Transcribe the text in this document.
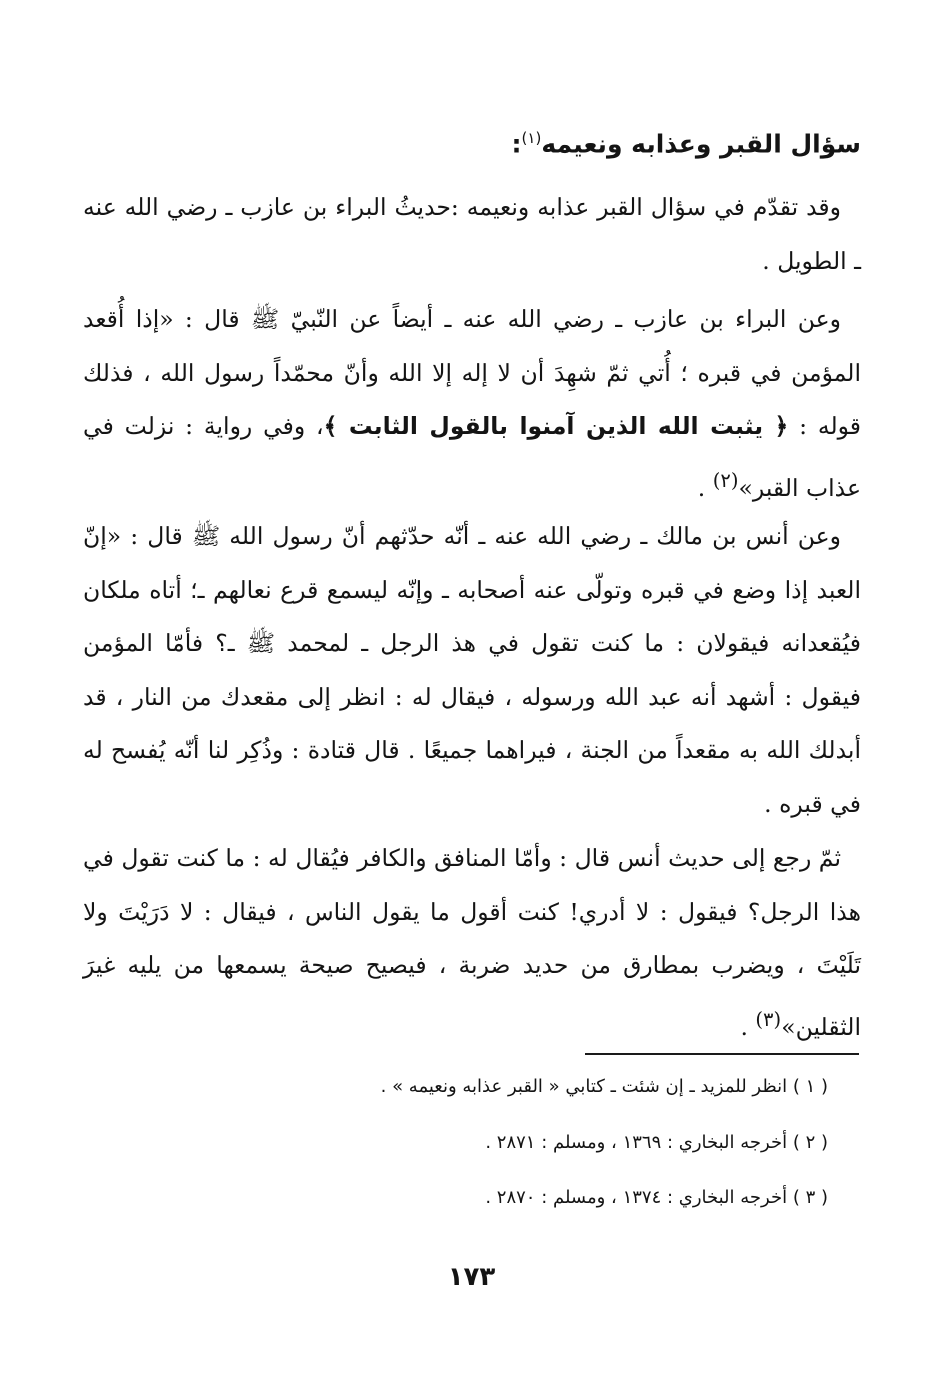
سؤال القبر وعذابه ونعيمه$^{(١)}$:

وقد تقدّم في سؤال القبر عذابه ونعيمه :حديثُ البراء بن عازب ـ رضي الله عنه ـ الطويل .

وعن البراء بن عازب ـ رضي الله عنه ـ أيضاً عن النّبيّ ﷺ قال : «إذا أُقعد المؤمن في قبره ؛ أُتي ثمّ شهِدَ أن لا إله إلا الله وأنّ محمّداً رسول الله ، فذلك قوله : ﴿ يثبت الله الذين آمنوا بالقول الثابت ﴾، وفي رواية : نزلت في عذاب القبر»$^{(٢)}$ .

وعن أنس بن مالك ـ رضي الله عنه ـ أنّه حدّثهم أنّ رسول الله ﷺ قال : «إنّ العبد إذا وضع في قبره وتولّى عنه أصحابه ـ وإنّه ليسمع قرع نعالهم ـ؛ أتاه ملكان فيُقعدانه فيقولان : ما كنت تقول في هذ الرجل ـ لمحمد ﷺ ـ؟ فأمّا المؤمن فيقول : أشهد أنه عبد الله ورسوله ، فيقال له : انظر إلى مقعدك من النار ، قد أبدلك الله به مقعداً من الجنة ، فيراهما جميعًا . قال قتادة : وذُكِر لنا أنّه يُفسح له في قبره .

ثمّ رجع إلى حديث أنس قال : وأمّا المنافق والكافر فيُقال له : ما كنت تقول في هذا الرجل؟ فيقول : لا أدري! كنت أقول ما يقول الناس ، فيقال : لا دَرَيْتَ ولا تَلَيْتَ ، ويضرب بمطارق من حديد ضربة ، فيصيح صيحة يسمعها من يليه غيرَ الثقلين»$^{(٣)}$ .

( ١ ) انظر للمزيد ـ إن شئت ـ كتابي « القبر عذابه ونعيمه » .

( ٢ ) أخرجه البخاري : ١٣٦٩ ، ومسلم : ٢٨٧١ .

( ٣ ) أخرجه البخاري : ١٣٧٤ ، ومسلم : ٢٨٧٠ .

١٧٣
